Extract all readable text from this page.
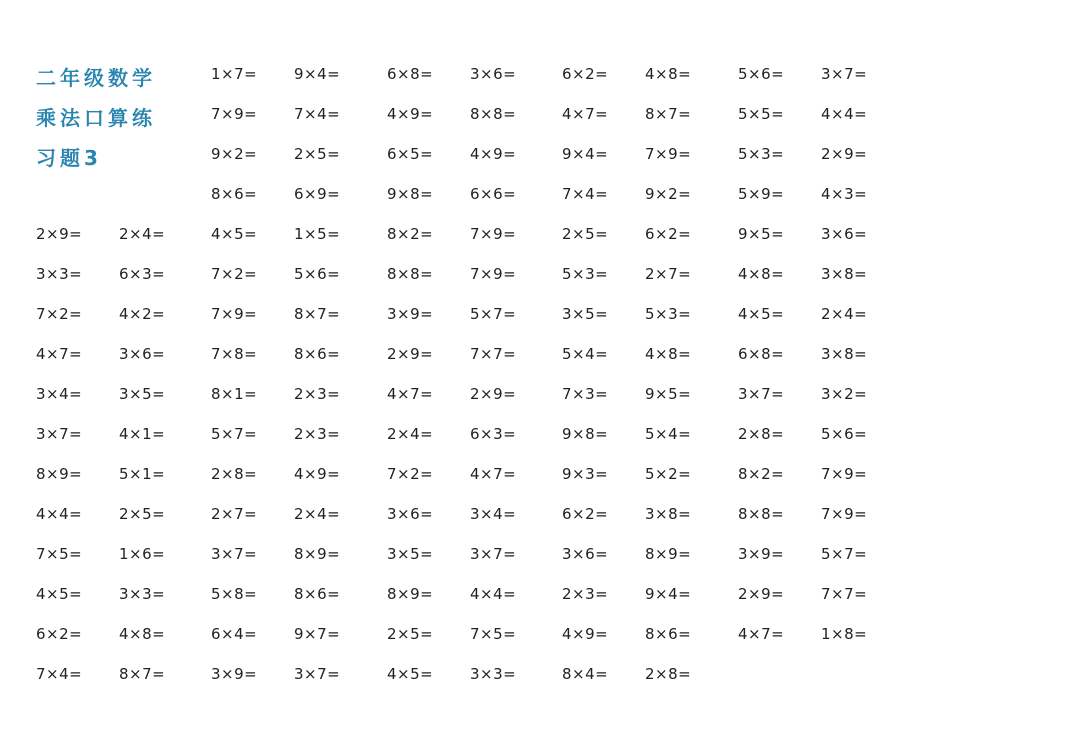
二年级数学
乘法口算练
习题3
1×7= 9×4=	6×8= 3×6=	6×2= 4×8=	5×6= 3×7=
7×9= 7×4=	4×9= 8×8=	4×7= 8×7=	5×5= 4×4=
9×2= 2×5=	6×5= 4×9=	9×4= 7×9=	5×3= 2×9=
8×6= 6×9=	9×8= 6×6=	7×4= 9×2=	5×9= 4×3=
2×9= 2×4=	4×5= 1×5=	8×2= 7×9=	2×5= 6×2=	9×5= 3×6=
3×3= 6×3=	7×2= 5×6=	8×8= 7×9=	5×3= 2×7=	4×8= 3×8=
7×2= 4×2=	7×9= 8×7=	3×9= 5×7=	3×5= 5×3=	4×5= 2×4=
4×7= 3×6=	7×8= 8×6=	2×9= 7×7=	5×4= 4×8=	6×8= 3×8=
3×4= 3×5=	8×1= 2×3=	4×7= 2×9=	7×3= 9×5=	3×7= 3×2=
3×7= 4×1=	5×7= 2×3=	2×4= 6×3=	9×8= 5×4=	2×8= 5×6=
8×9= 5×1=	2×8= 4×9=	7×2= 4×7=	9×3= 5×2=	8×2= 7×9=
4×4= 2×5=	2×7= 2×4=	3×6= 3×4=	6×2= 3×8=	8×8= 7×9=
7×5= 1×6=	3×7= 8×9=	3×5= 3×7=	3×6= 8×9=	3×9= 5×7=
4×5= 3×3=	5×8= 8×6=	8×9= 4×4=	2×3= 9×4=	2×9= 7×7=
6×2= 4×8=	6×4= 9×7=	2×5= 7×5=	4×9= 8×6=	4×7= 1×8=
7×4= 8×7=	3×9= 3×7=	4×5= 3×3=	8×4= 2×8=
